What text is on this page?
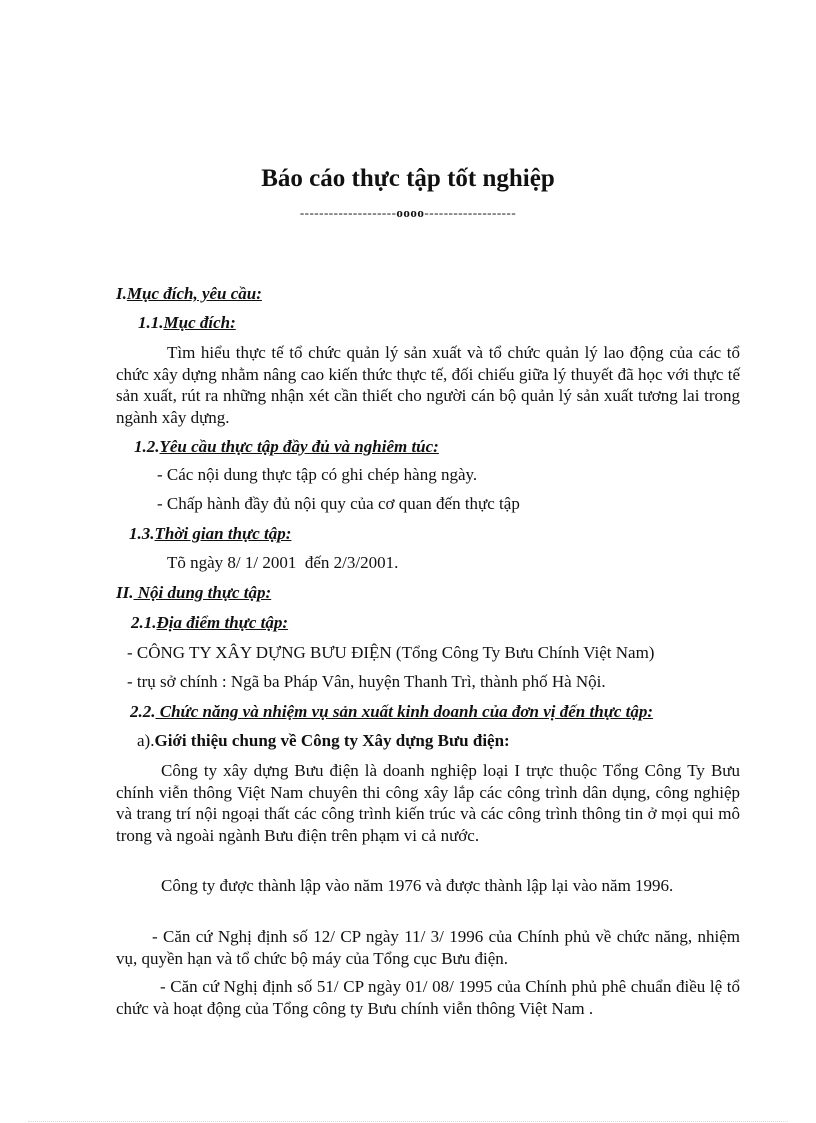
Báo cáo thực tập tốt nghiệp
--------------------oooo-------------------
I.Mục đích, yêu cầu:
1.1.Mục đích:
Tìm hiểu thực tế tổ chức quản lý sản xuất và tổ chức quản lý lao động của các tổ chức xây dựng nhằm nâng cao kiến thức thực tế, đối chiếu giữa lý thuyết đã học với thực tế sản xuất, rút ra những nhận xét cần thiết cho người cán bộ quản lý sản xuất tương lai trong ngành xây dựng.
1.2.Yêu cầu thực tập đầy đủ và nghiêm túc:
- Các nội dung thực tập có ghi chép hàng ngày.
- Chấp hành đầy đủ nội quy của cơ quan đến thực tập
1.3.Thời gian thực tập:
Tõ ngày 8/ 1/ 2001  đến 2/3/2001.
II. Nội dung thực tập:
2.1.Địa điểm thực tập:
- CÔNG TY XÂY DỰNG BƯU ĐIỆN (Tổng Công Ty Bưu Chính Việt Nam)
- trụ sở chính : Ngã ba Pháp Vân, huyện Thanh Trì, thành phố Hà Nội.
2.2. Chức năng và nhiệm vụ sản xuất kinh doanh của đơn vị đến thực tập:
a).Giới thiệu chung về Công ty Xây dựng Bưu điện:
Công ty xây dựng Bưu điện là doanh nghiệp loại I trực thuộc Tổng Công Ty Bưu chính viễn thông Việt Nam chuyên thi công xây lắp các công trình dân dụng, công nghiệp và trang trí nội ngoại thất các công trình kiến trúc và các công trình thông tin ở mọi qui mô trong và ngoài ngành Bưu điện trên phạm vi cả nước.
Công ty được thành lập vào năm 1976 và được thành lập lại vào năm 1996.
- Căn cứ Nghị định số 12/ CP ngày 11/ 3/ 1996 của Chính phủ về chức năng, nhiệm vụ, quyền hạn và tổ chức bộ máy của Tổng cục Bưu điện.
- Căn cứ Nghị định số 51/ CP ngày 01/ 08/ 1995 của Chính phủ phê chuẩn điều lệ tổ chức và hoạt động của Tổng công ty Bưu chính viễn thông Việt Nam .
